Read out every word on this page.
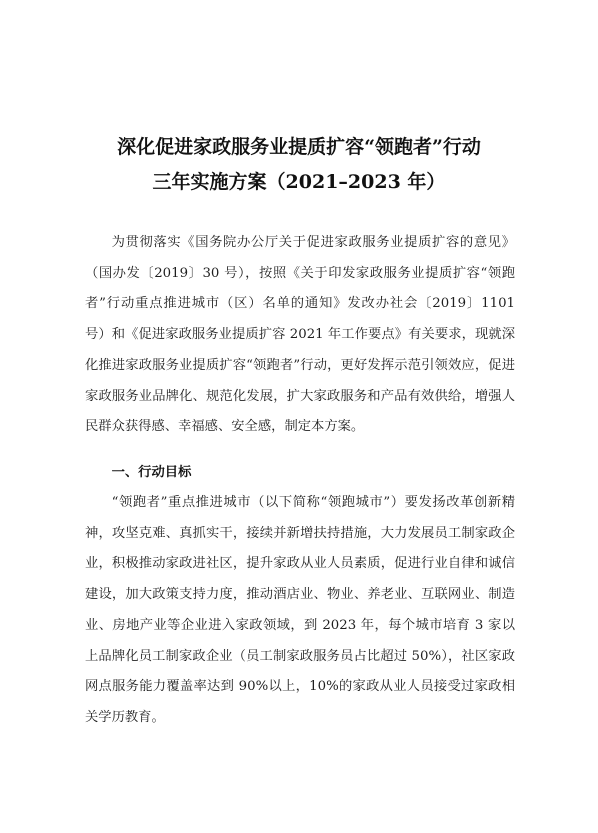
深化促进家政服务业提质扩容“领跑者”行动
三年实施方案（2021–2023 年）

为贯彻落实《国务院办公厅关于促进家政服务业提质扩容的意见》（国办发〔2019〕30 号），按照《关于印发家政服务业提质扩容“领跑者”行动重点推进城市（区）名单的通知》发改办社会〔2019〕1101 号）和《促进家政服务业提质扩容 2021 年工作要点》有关要求，现就深化推进家政服务业提质扩容“领跑者”行动，更好发挥示范引领效应，促进家政服务业品牌化、规范化发展，扩大家政服务和产品有效供给，增强人民群众获得感、幸福感、安全感，制定本方案。

一、行动目标

“领跑者”重点推进城市（以下简称“领跑城市”）要发扬改革创新精神，攻坚克难、真抓实干，接续并新增扶持措施，大力发展员工制家政企业，积极推动家政进社区，提升家政从业人员素质，促进行业自律和诚信建设，加大政策支持力度，推动酒店业、物业、养老业、互联网业、制造业、房地产业等企业进入家政领域，到 2023 年，每个城市培育 3 家以上品牌化员工制家政企业（员工制家政服务员占比超过 50%），社区家政网点服务能力覆盖率达到 90%以上，10%的家政从业人员接受过家政相关学历教育。
